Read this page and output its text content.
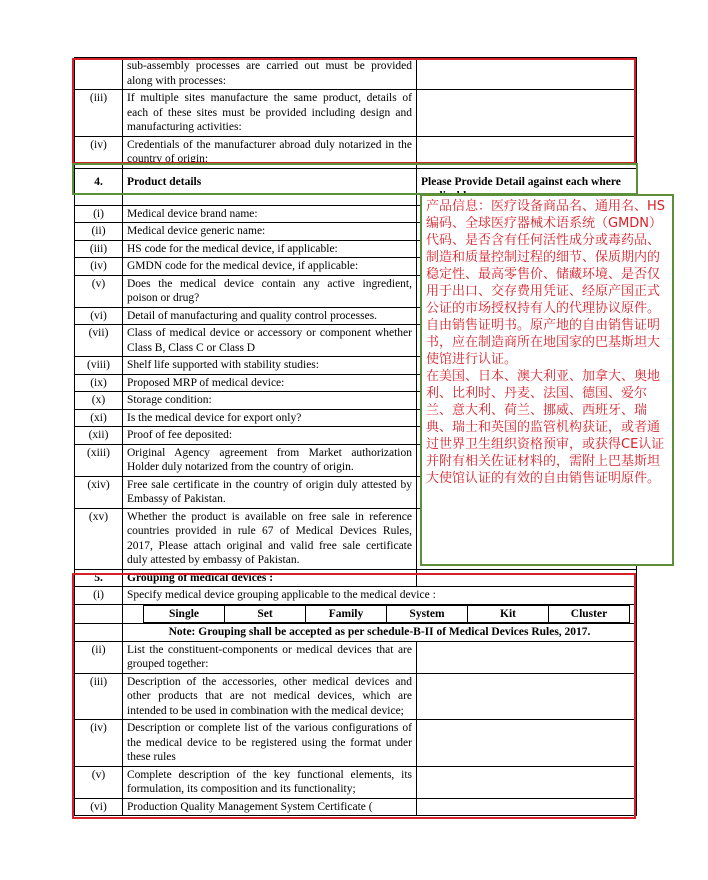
	sub-assembly processes are carried out must be provided along with processes:	
(iii)	If multiple sites manufacture the same product, details of each of these sites must be provided including design and manufacturing activities:	
(iv)	Credentials of the manufacturer abroad duly notarized in the country of origin:	
4.	Product details	Please Provide Detail against each where
(i)	Medical device brand name:	
(ii)	Medical device generic name:	
(iii)	HS code for the medical device, if applicable:	
(iv)	GMDN code for the medical device, if applicable:	
(v)	Does the medical device contain any active ingredient, poison or drug?	
(vi)	Detail of manufacturing and quality control processes.	
(vii)	Class of medical device or accessory or component whether Class B, Class C or Class D	
(viii)	Shelf life supported with stability studies:	
(ix)	Proposed MRP of medical device:	
(x)	Storage condition:	
(xi)	Is the medical device for export only?	
(xii)	Proof of fee deposited:	
(xiii)	Original Agency agreement from Market authorization Holder duly notarized from the country of origin.	
(xiv)	Free sale certificate in the country of origin duly attested by Embassy of Pakistan.	
(xv)	Whether the product is available on free sale in reference countries provided in rule 67 of Medical Devices Rules, 2017, Please attach original and valid free sale certificate duly attested by embassy of Pakistan.	
5.	Grouping of medical devices :	
(i)	Specify medical device grouping applicable to the medical device :

Single	Set	Family	System	Kit	Cluster

	Note: Grouping shall be accepted as per schedule-B-II of Medical Devices Rules, 2017.
(ii)	List the constituent-components or medical devices that are grouped together:	
(iii)	Description of the accessories, other medical devices and other products that are not medical devices, which are intended to be used in combination with the medical device;	
(iv)	Description or complete list of the various configurations of the medical device to be registered using the format under these rules	
(v)	Complete description of the key functional elements, its formulation, its composition and its functionality;	
(vi)	Production Quality Management System Certificate (	

产品信息：医疗设备商品名、通用名、HS编码、全球医疗器械术语系统（GMDN）代码、是否含有任何活性成分或毒药品、制造和质量控制过程的细节、保质期内的稳定性、最高零售价、储藏环境、是否仅用于出口、交存费用凭证、经原产国正式公证的市场授权持有人的代理协议原件。

自由销售证明书。原产地的自由销售证明书，应在制造商所在地国家的巴基斯坦大使馆进行认证。

在美国、日本、澳大利亚、加拿大、奥地利、比利时、丹麦、法国、德国、爱尔兰、意大利、荷兰、挪威、西班牙、瑞典、瑞士和英国的监管机构获证，或者通过世界卫生组织资格预审，或获得CE认证并附有相关佐证材料的，需附上巴基斯坦大使馆认证的有效的自由销售证明原件。
